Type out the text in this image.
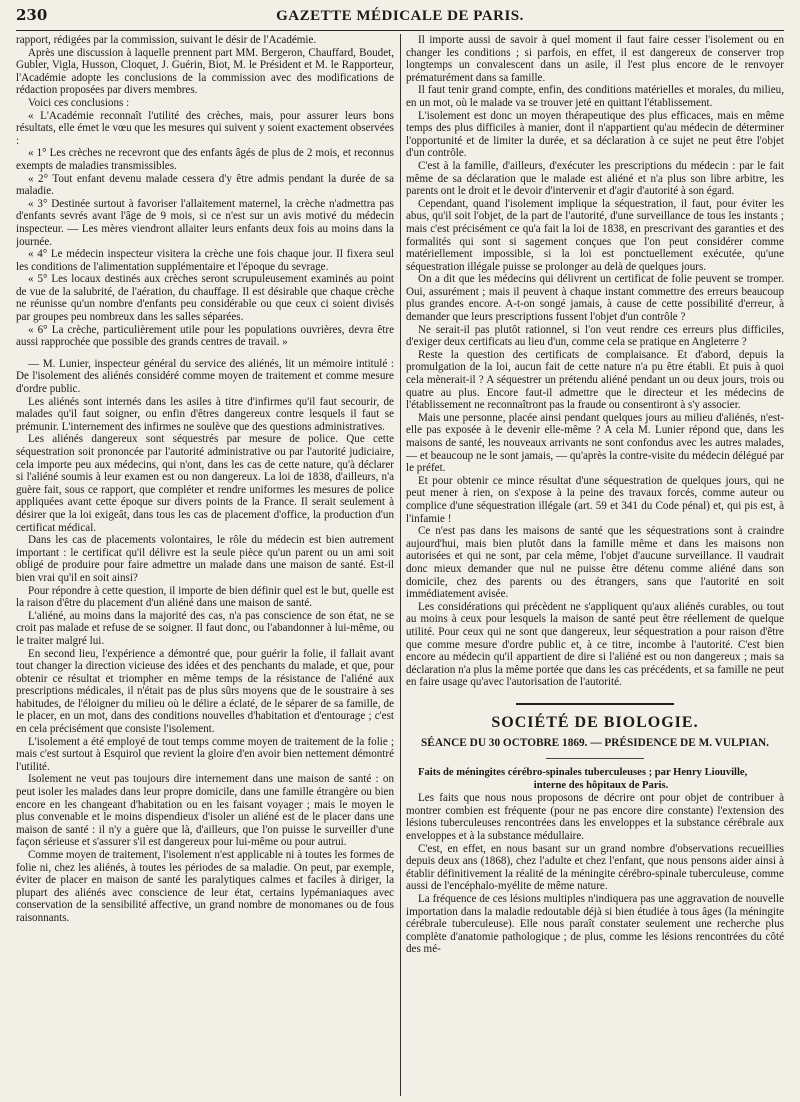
230	GAZETTE MÉDICALE DE PARIS.

rapport, rédigées par la commission, suivant le désir de l'Académie.

Après une discussion à laquelle prennent part MM. Bergeron, Chauffard, Boudet, Gubler, Vigla, Husson, Cloquet, J. Guérin, Biot, M. le Président et M. le Rapporteur, l'Académie adopte les conclusions de la commission avec des modifications de rédaction proposées par divers membres.

Voici ces conclusions :

« L'Académie reconnaît l'utilité des crèches, mais, pour assurer leurs bons résultats, elle émet le vœu que les mesures qui suivent y soient exactement observées :

« 1° Les crèches ne recevront que des enfants âgés de plus de 2 mois, et reconnus exempts de maladies transmissibles.

« 2° Tout enfant devenu malade cessera d'y être admis pendant la durée de sa maladie.

« 3° Destinée surtout à favoriser l'allaitement maternel, la crèche n'admettra pas d'enfants sevrés avant l'âge de 9 mois, si ce n'est sur un avis motivé du médecin inspecteur. — Les mères viendront allaiter leurs enfants deux fois au moins dans la journée.

« 4° Le médecin inspecteur visitera la crèche une fois chaque jour. Il fixera seul les conditions de l'alimentation supplémentaire et l'époque du sevrage.

« 5° Les locaux destinés aux crèches seront scrupuleusement examinés au point de vue de la salubrité, de l'aération, du chauffage. Il est désirable que chaque crèche ne réunisse qu'un nombre d'enfants peu considérable ou que ceux ci soient divisés par groupes peu nombreux dans les salles séparées.

« 6° La crèche, particulièrement utile pour les populations ouvrières, devra être aussi rapprochée que possible des grands centres de travail. »

— M. Lunier, inspecteur général du service des aliénés, lit un mémoire intitulé : De l'isolement des aliénés considéré comme moyen de traitement et comme mesure d'ordre public.

Les aliénés sont internés dans les asiles à titre d'infirmes qu'il faut secourir, de malades qu'il faut soigner, ou enfin d'êtres dangereux contre lesquels il faut se prémunir. L'internement des infirmes ne soulève que des questions administratives.

Les aliénés dangereux sont séquestrés par mesure de police. Que cette séquestration soit prononcée par l'autorité administrative ou par l'autorité judiciaire, cela importe peu aux médecins, qui n'ont, dans les cas de cette nature, qu'à déclarer si l'aliéné soumis à leur examen est ou non dangereux. La loi de 1838, d'ailleurs, n'a guère fait, sous ce rapport, que compléter et rendre uniformes les mesures de police appliquées avant cette époque sur divers points de la France. Il serait seulement à désirer que la loi exigeât, dans tous les cas de placement d'office, la production d'un certificat médical.

Dans les cas de placements volontaires, le rôle du médecin est bien autrement important : le certificat qu'il délivre est la seule pièce qu'un parent ou un ami soit obligé de produire pour faire admettre un malade dans une maison de santé. Est-il bien vrai qu'il en soit ainsi?

Pour répondre à cette question, il importe de bien définir quel est le but, quelle est la raison d'être du placement d'un aliéné dans une maison de santé.

L'aliéné, au moins dans la majorité des cas, n'a pas conscience de son état, ne se croit pas malade et refuse de se soigner. Il faut donc, ou l'abandonner à lui-même, ou le traiter malgré lui.

En second lieu, l'expérience a démontré que, pour guérir la folie, il fallait avant tout changer la direction vicieuse des idées et des penchants du malade, et que, pour obtenir ce résultat et triompher en même temps de la résistance de l'aliéné aux prescriptions médicales, il n'était pas de plus sûrs moyens que de le soustraire à ses habitudes, de l'éloigner du milieu où le délire a éclaté, de le séparer de sa famille, de le placer, en un mot, dans des conditions nouvelles d'habitation et d'entourage ; c'est en cela précisément que consiste l'isolement.

L'isolement a été employé de tout temps comme moyen de traitement de la folie ; mais c'est surtout à Esquirol que revient la gloire d'en avoir bien nettement démontré l'utilité.

Isolement ne veut pas toujours dire internement dans une maison de santé : on peut isoler les malades dans leur propre domicile, dans une famille étrangère ou bien encore en les changeant d'habitation ou en les faisant voyager ; mais le moyen le plus convenable et le moins dispendieux d'isoler un aliéné est de le placer dans une maison de santé : il n'y a guère que là, d'ailleurs, que l'on puisse le surveiller d'une façon sérieuse et s'assurer s'il est dangereux pour lui-même ou pour autrui.

Comme moyen de traitement, l'isolement n'est applicable ni à toutes les formes de folie ni, chez les aliénés, à toutes les périodes de sa maladie. On peut, par exemple, éviter de placer en maison de santé les paralytiques calmes et faciles à diriger, la plupart des aliénés avec conscience de leur état, certains lypémaniaques avec conservation de la sensibilité affective, un grand nombre de monomanes ou de fous raisonnants.

Il importe aussi de savoir à quel moment il faut faire cesser l'isolement ou en changer les conditions ; si parfois, en effet, il est dangereux de conserver trop longtemps un convalescent dans un asile, il l'est plus encore de le renvoyer prématurément dans sa famille.

Il faut tenir grand compte, enfin, des conditions matérielles et morales, du milieu, en un mot, où le malade va se trouver jeté en quittant l'établissement.

L'isolement est donc un moyen thérapeutique des plus efficaces, mais en même temps des plus difficiles à manier, dont il n'appartient qu'au médecin de déterminer l'opportunité et de limiter la durée, et sa déclaration à ce sujet ne peut être l'objet d'un contrôle.

C'est à la famille, d'ailleurs, d'exécuter les prescriptions du médecin : par le fait même de sa déclaration que le malade est aliéné et n'a plus son libre arbitre, les parents ont le droit et le devoir d'intervenir et d'agir d'autorité à son égard.

Cependant, quand l'isolement implique la séquestration, il faut, pour éviter les abus, qu'il soit l'objet, de la part de l'autorité, d'une surveillance de tous les instants ; mais c'est précisément ce qu'a fait la loi de 1838, en prescrivant des garanties et des formalités qui sont si sagement conçues que l'on peut considérer comme matériellement impossible, si la loi est ponctuellement exécutée, qu'une séquestration illégale puisse se prolonger au delà de quelques jours.

On a dit que les médecins qui délivrent un certificat de folie peuvent se tromper. Oui, assurément ; mais il peuvent à chaque instant commettre des erreurs beaucoup plus grandes encore. A-t-on songé jamais, à cause de cette possibilité d'erreur, à demander que leurs prescriptions fussent l'objet d'un contrôle ?

Ne serait-il pas plutôt rationnel, si l'on veut rendre ces erreurs plus difficiles, d'exiger deux certificats au lieu d'un, comme cela se pratique en Angleterre ?

Reste la question des certificats de complaisance. Et d'abord, depuis la promulgation de la loi, aucun fait de cette nature n'a pu être établi. Et puis à quoi cela mènerait-il ? A séquestrer un prétendu aliéné pendant un ou deux jours, trois ou quatre au plus. Encore faut-il admettre que le directeur et les médecins de l'établissement ne reconnaîtront pas la fraude ou consentiront à s'y associer.

Mais une personne, placée ainsi pendant quelques jours au milieu d'aliénés, n'est-elle pas exposée à le devenir elle-même ? A cela M. Lunier répond que, dans les maisons de santé, les nouveaux arrivants ne sont confondus avec les autres malades, — et beaucoup ne le sont jamais, — qu'après la contre-visite du médecin délégué par le préfet.

Et pour obtenir ce mince résultat d'une séquestration de quelques jours, qui ne peut mener à rien, on s'expose à la peine des travaux forcés, comme auteur ou complice d'une séquestration illégale (art. 59 et 341 du Code pénal) et, qui pis est, à l'infamie !

Ce n'est pas dans les maisons de santé que les séquestrations sont à craindre aujourd'hui, mais bien plutôt dans la famille même et dans les maisons non autorisées et qui ne sont, par cela même, l'objet d'aucune surveillance. Il vaudrait donc mieux demander que nul ne puisse être détenu comme aliéné dans son domicile, chez des parents ou des étrangers, sans que l'autorité en soit immédiatement avisée.

Les considérations qui précèdent ne s'appliquent qu'aux aliénés curables, ou tout au moins à ceux pour lesquels la maison de santé peut être réellement de quelque utilité. Pour ceux qui ne sont que dangereux, leur séquestration a pour raison d'être que comme mesure d'ordre public et, à ce titre, incombe à l'autorité. C'est bien encore au médecin qu'il appartient de dire si l'aliéné est ou non dangereux ; mais sa déclaration n'a plus la même portée que dans les cas précédents, et sa famille ne peut en faire usage qu'avec l'autorisation de l'autorité.

SOCIÉTÉ DE BIOLOGIE.
SÉANCE DU 30 OCTOBRE 1869. — PRÉSIDENCE DE M. VULPIAN.

Faits de méningites cérébro-spinales tuberculeuses ; par Henry Liouville,
interne des hôpitaux de Paris.

Les faits que nous nous proposons de décrire ont pour objet de contribuer à montrer combien est fréquente (pour ne pas encore dire constante) l'extension des lésions tuberculeuses rencontrées dans les enveloppes et la substance cérébrale aux enveloppes et à la substance médullaire.

C'est, en effet, en nous basant sur un grand nombre d'observations recueillies depuis deux ans (1868), chez l'adulte et chez l'enfant, que nous pensons aider ainsi à établir définitivement la réalité de la méningite cérébro-spinale tuberculeuse, comme aussi de l'encéphalo-myélite de même nature.

La fréquence de ces lésions multiples n'indiquera pas une aggravation de nouvelle importation dans la maladie redoutable déjà si bien étudiée à tous âges (la méningite cérébrale tuberculeuse). Elle nous paraît constater seulement une recherche plus complète d'anatomie pathologique ; de plus, comme les lésions rencontrées du côté des mé-
